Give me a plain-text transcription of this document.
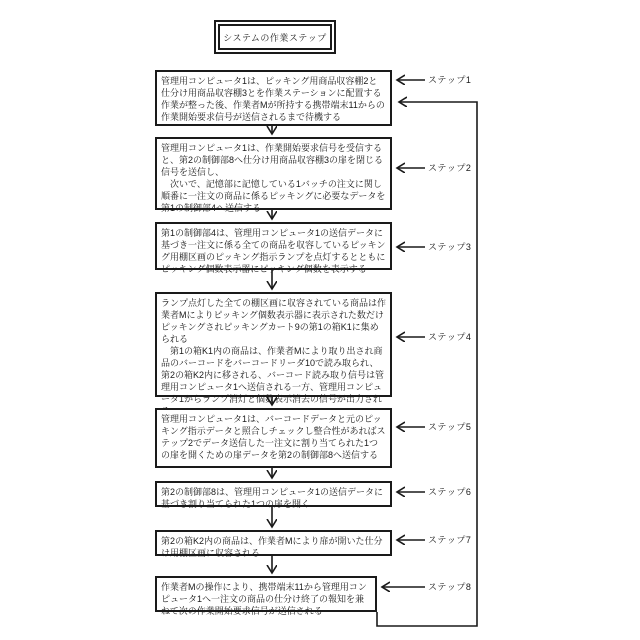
システムの作業ステップ
管理用コンピュータ1は、ピッキング用商品収容棚2と仕分け用商品収容棚3とを作業ステーションに配置する作業が整った後、作業者Mが所持する携帯端末11からの作業開始要求信号が送信されるまで待機する
管理用コンピュータ1は、作業開始要求信号を受信すると、第2の制御部8へ仕分け用商品収容棚3の扉を閉じる信号を送信し、
　次いで、記憶部に記憶している1バッチの注文に関し順番に一注文の商品に係るピッキングに必要なデータを第1の制御部4へ送信する
第1の制御部4は、管理用コンピュータ1の送信データに基づき一注文に係る全ての商品を収容しているピッキング用棚区画のピッキング指示ランプを点灯するとともにピッキング個数表示器にピッキング個数を表示する
ランプ点灯した全ての棚区画に収容されている商品は作業者Mによりピッキング個数表示器に表示された数だけピッキングされピッキングカート9の第1の箱K1に集められる
　第1の箱K1内の商品は、作業者Mにより取り出され商品のバーコードをバーコードリーダ10で読み取られ、第2の箱K2内に移される、バーコード読み取り信号は管理用コンピュータ1へ送信される一方、管理用コンピュータ1からランプ消灯と個数表示消去の信号が出力され
管理用コンピュータ1は、バーコードデータと元のピッキング指示データと照合しチェックし整合性があればステップ2でデータ送信した一注文に割り当てられた1つの扉を開くための扉データを第2の制御部8へ送信する
第2の制御部8は、管理用コンピュータ1の送信データに基づき割り当てられた1つの扉を開く
第2の箱K2内の商品は、作業者Mにより扉が開いた仕分け用棚区画に収容される
作業者Mの操作により、携帯端末11から管理用コンピュータ1へ一注文の商品の仕分け終了の報知を兼ねて次の作業開始要求信号が送信される
ステップ1
ステップ2
ステップ3
ステップ4
ステップ5
ステップ6
ステップ7
ステップ8
